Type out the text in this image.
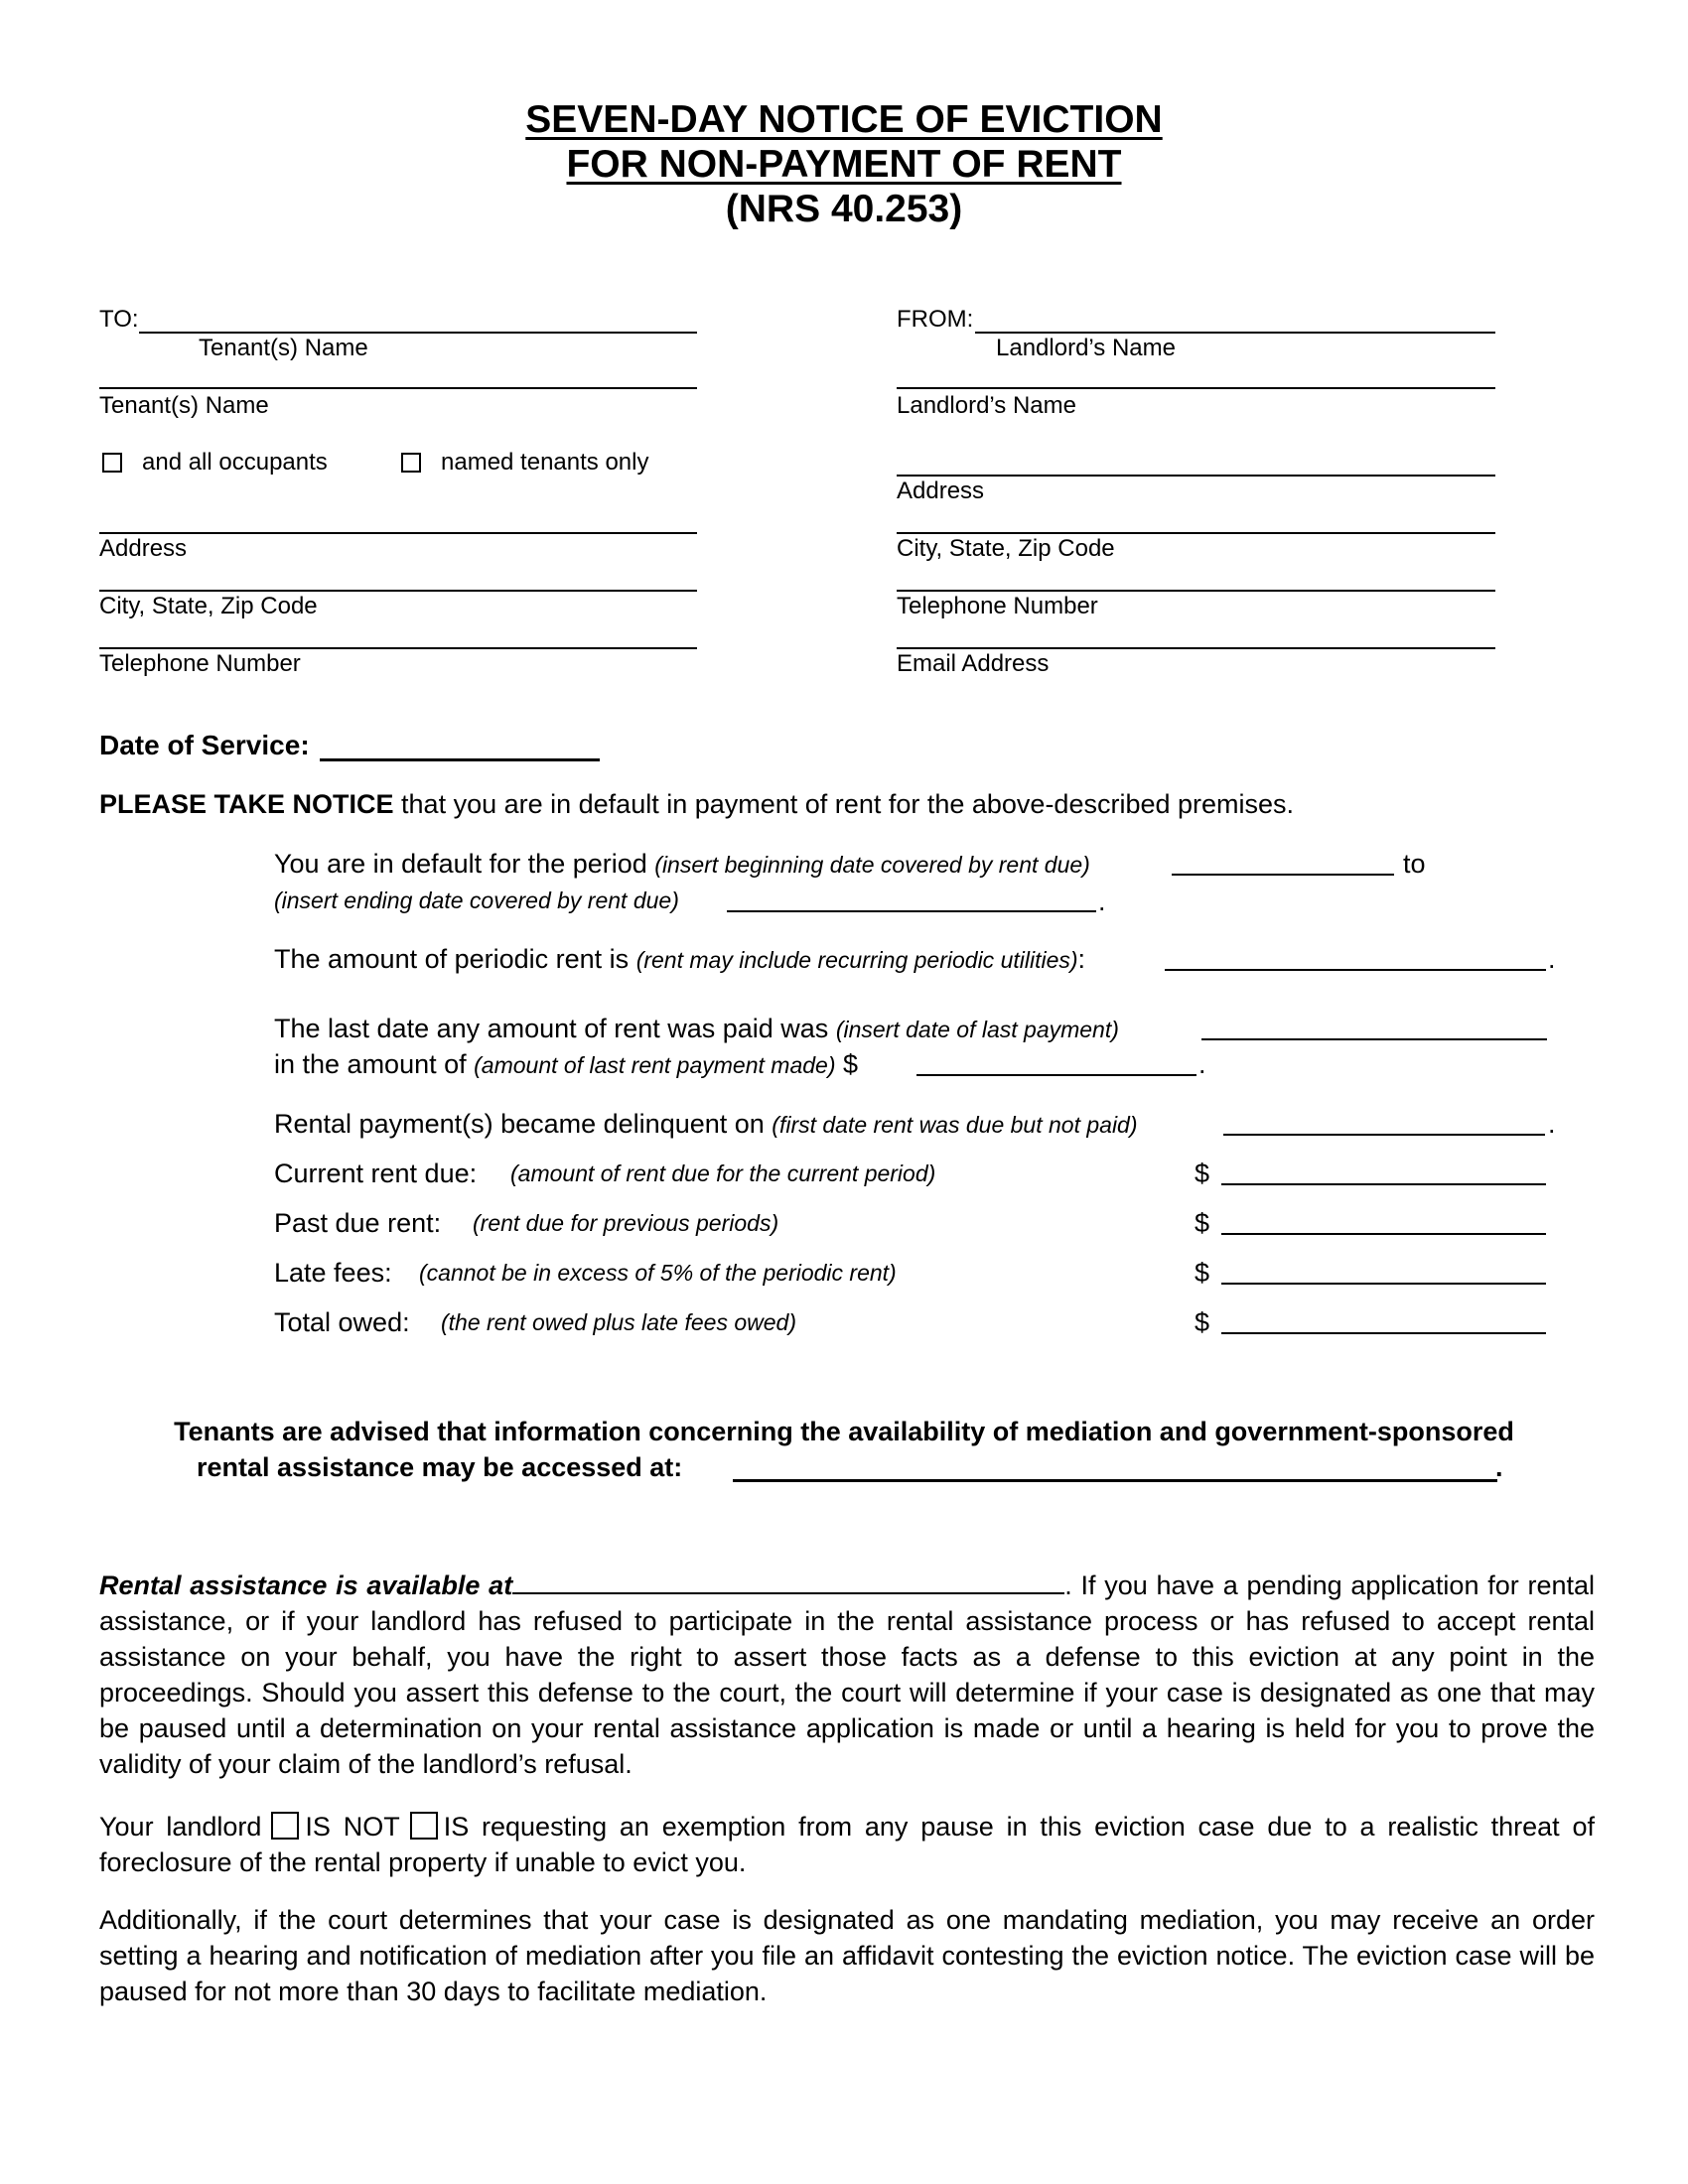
SEVEN-DAY NOTICE OF EVICTION
FOR NON-PAYMENT OF RENT
(NRS 40.253)
TO:
Tenant(s) Name
Tenant(s) Name
and all occupants	named tenants only
Address
City, State, Zip Code
Telephone Number
FROM:
Landlord’s Name
Landlord’s Name
Address
City, State, Zip Code
Telephone Number
Email Address
Date of Service:
PLEASE TAKE NOTICE that you are in default in payment of rent for the above-described premises.
You are in default for the period (insert beginning date covered by rent due)	to
(insert ending date covered by rent due)	.
The amount of periodic rent is (rent may include recurring periodic utilities):	.
The last date any amount of rent was paid was (insert date of last payment)
in the amount of (amount of last rent payment made) $	.
Rental payment(s) became delinquent on (first date rent was due but not paid)	.
Current rent due: (amount of rent due for the current period)	$
Past due rent: (rent due for previous periods)	$
Late fees: (cannot be in excess of 5% of the periodic rent)	$
Total owed: (the rent owed plus late fees owed)	$
Tenants are advised that information concerning the availability of mediation and government-sponsored
rental assistance may be accessed at:	.
Rental assistance is available at	. If you have a pending application for rental assistance, or if your landlord has refused to participate in the rental assistance process or has refused to accept rental assistance on your behalf, you have the right to assert those facts as a defense to this eviction at any point in the proceedings. Should you assert this defense to the court, the court will determine if your case is designated as one that may be paused until a determination on your rental assistance application is made or until a hearing is held for you to prove the validity of your claim of the landlord’s refusal.
Your landlord IS NOT IS requesting an exemption from any pause in this eviction case due to a realistic threat of foreclosure of the rental property if unable to evict you.
Additionally, if the court determines that your case is designated as one mandating mediation, you may receive an order setting a hearing and notification of mediation after you file an affidavit contesting the eviction notice. The eviction case will be paused for not more than 30 days to facilitate mediation.
